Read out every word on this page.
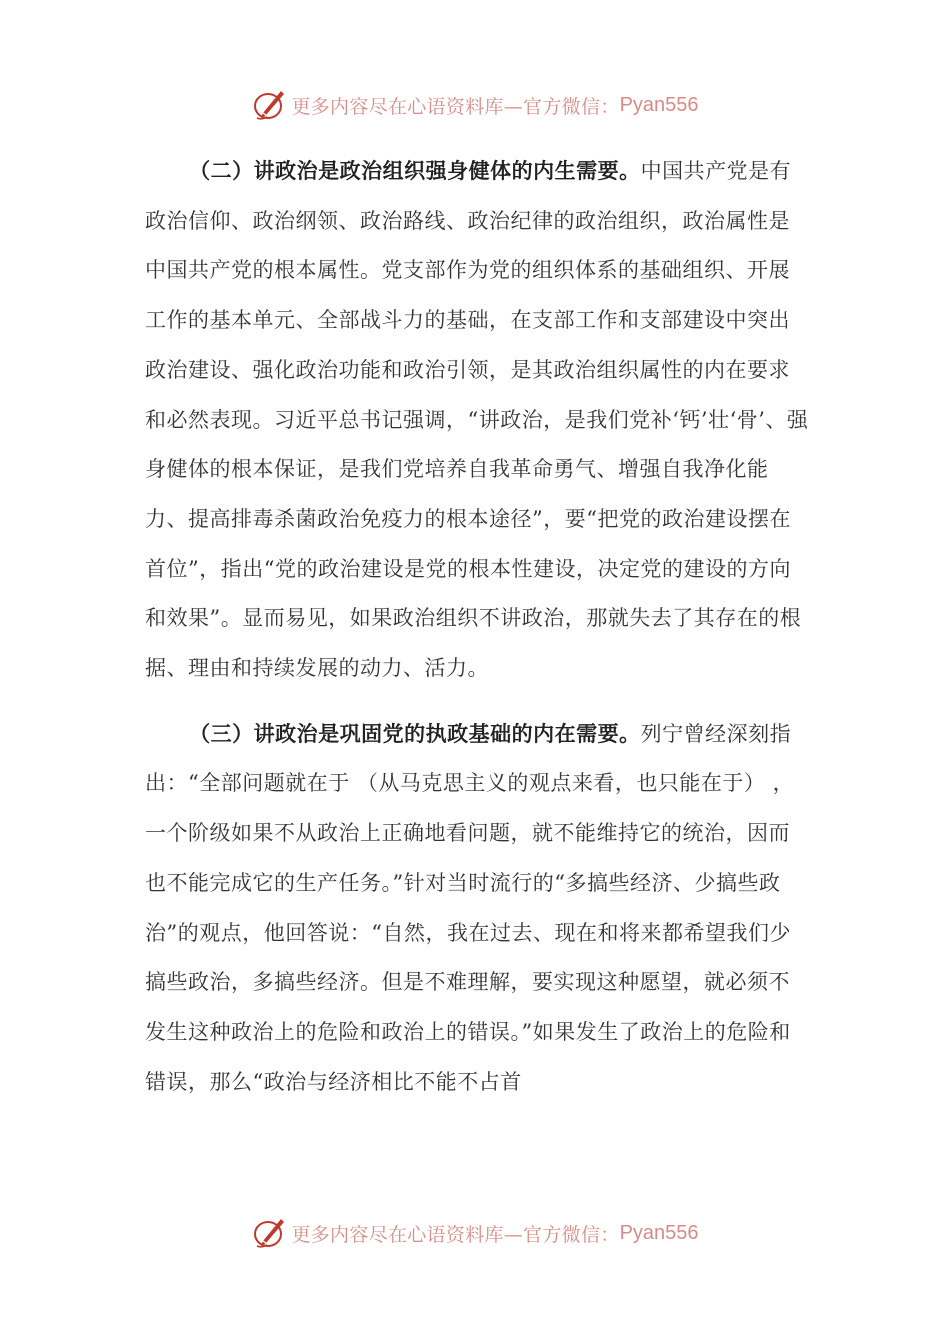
更多内容尽在心语资料库—官方微信： Pyan556

（二）讲政治是政治组织强身健体的内生需要。中国共产党是有政治信仰、政治纲领、政治路线、政治纪律的政治组织，政治属性是中国共产党的根本属性。党支部作为党的组织体系的基础组织、开展工作的基本单元、全部战斗力的基础，在支部工作和支部建设中突出政治建设、强化政治功能和政治引领，是其政治组织属性的内在要求和必然表现。习近平总书记强调，“讲政治，是我们党补‘钙’壮‘骨’、强身健体的根本保证，是我们党培养自我革命勇气、增强自我净化能力、提高排毒杀菌政治免疫力的根本途径”，要“把党的政治建设摆在首位”，指出“党的政治建设是党的根本性建设，决定党的建设的方向和效果”。显而易见，如果政治组织不讲政治，那就失去了其存在的根据、理由和持续发展的动力、活力。

（三）讲政治是巩固党的执政基础的内在需要。列宁曾经深刻指出：“全部问题就在于 （从马克思主义的观点来看，也只能在于） ，一个阶级如果不从政治上正确地看问题，就不能维持它的统治，因而也不能完成它的生产任务。”针对当时流行的“多搞些经济、少搞些政治”的观点，他回答说：“自然，我在过去、现在和将来都希望我们少搞些政治，多搞些经济。但是不难理解，要实现这种愿望，就必须不发生这种政治上的危险和政治上的错误。”如果发生了政治上的危险和错误，那么“政治与经济相比不能不占首

更多内容尽在心语资料库—官方微信： Pyan556
